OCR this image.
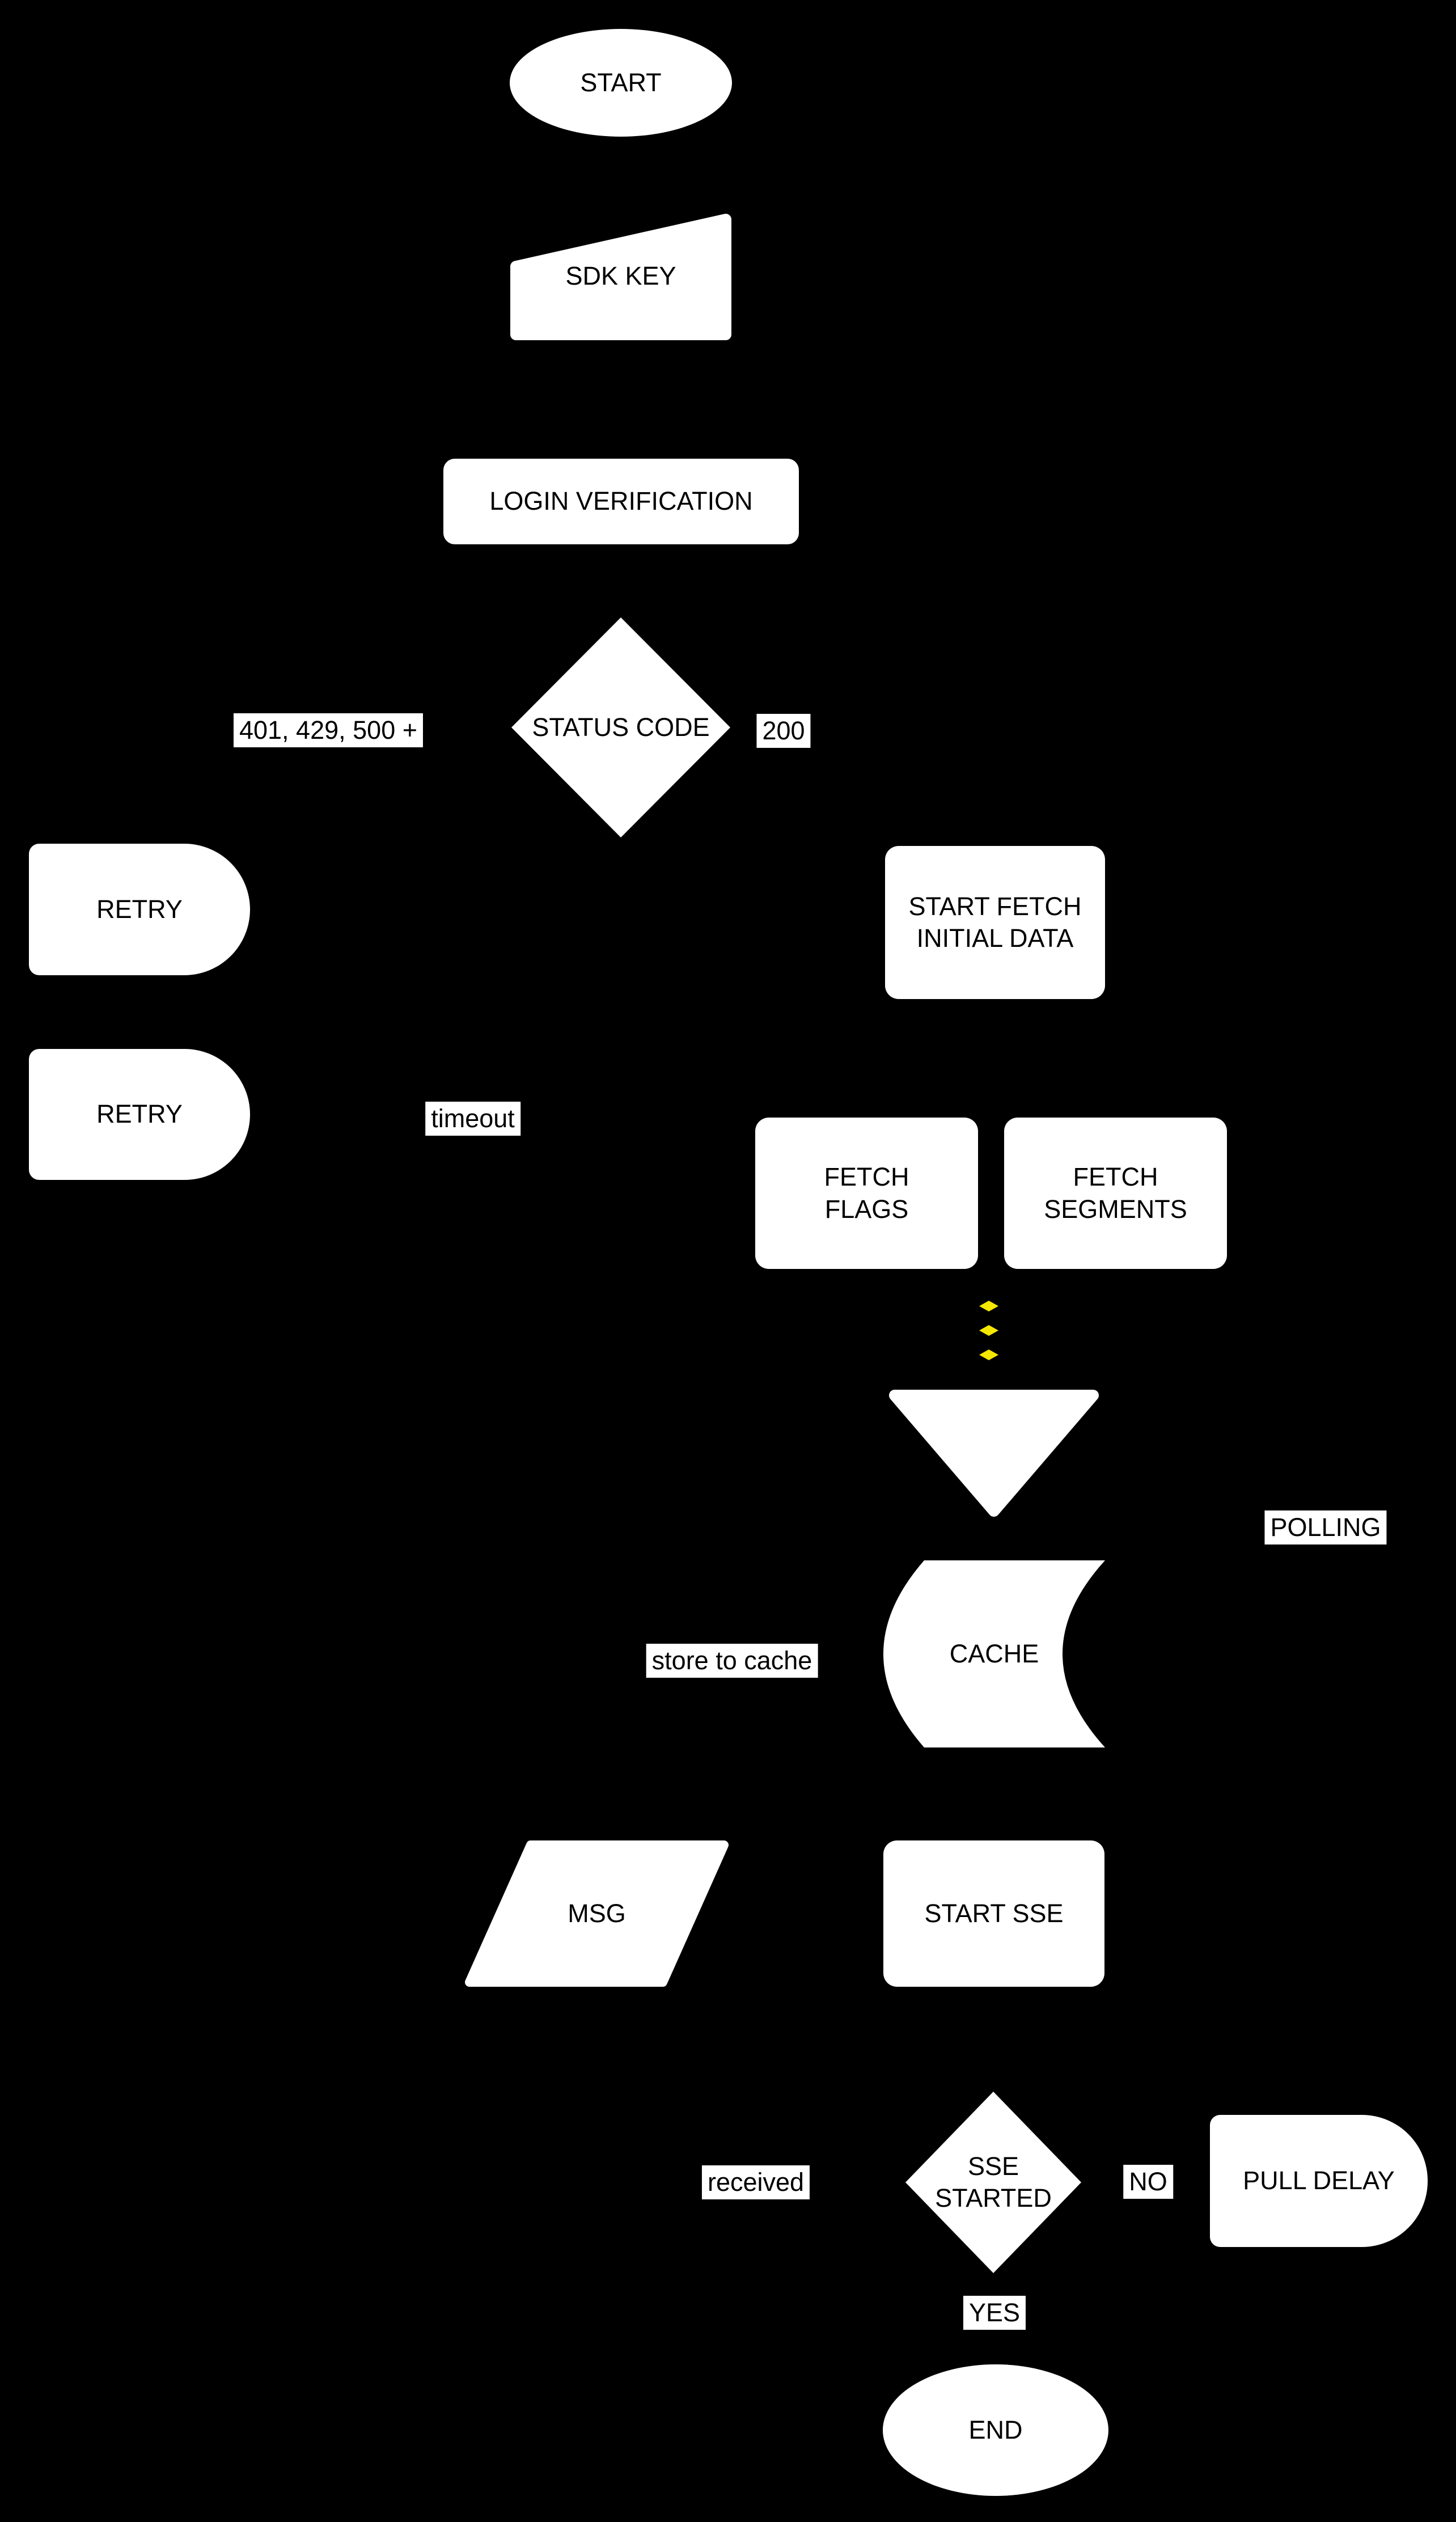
START
SDK KEY
LOGIN VERIFICATION
STATUS CODE
401, 429, 500 +	200
RETRY
RETRY
START FETCH
INITIAL DATA
timeout
FETCH
FLAGS
FETCH
SEGMENTS
POLLING
CACHE
store to cache
MSG	START SSE
SSE
STARTED
received	NO	PULL DELAY
YES
END
